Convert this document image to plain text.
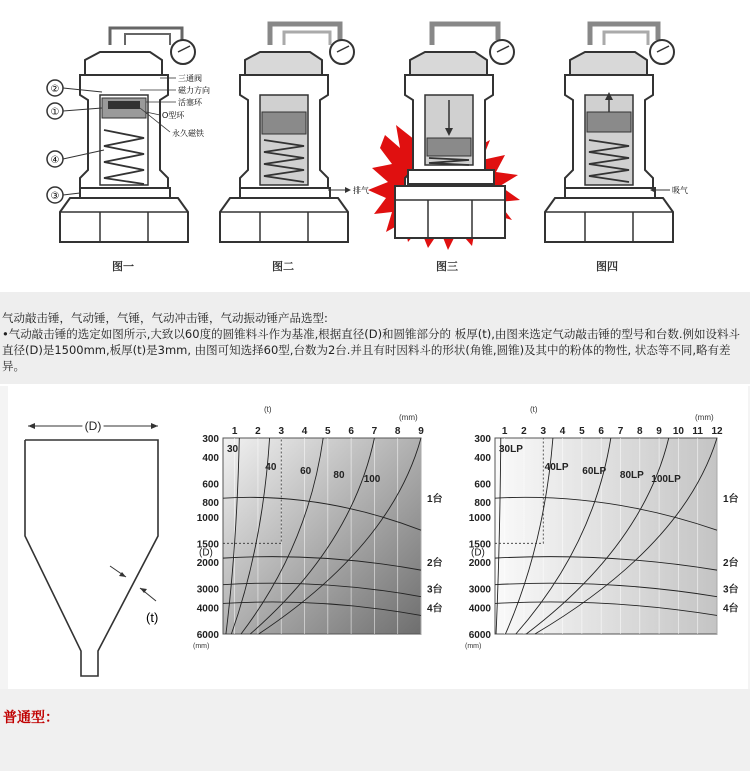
②
①
④
③
三通阀
磁力方向
活塞环
O型环
永久磁铁
排气	吸气
图一	图二	图三	图四

气动敲击锤，气动锤，气锤，气动冲击锤，气动振动锤产品选型:
•气动敲击锤的选定如图所示,大致以60度的圆锥料斗作为基准,根据直径(D)和圆锥部分的 板厚(t),由图来选定气动敲击锤的型号和台数.例如设料斗直径(D)是1500mm,板厚(t)是3mm, 由图可知选择60型,台数为2台.并且有时因料斗的形状(角锥,圆锥)及其中的粉体的物性, 状态等不同,略有差异。

(D)
(t)
1 2 3 4 5 6 7 8 9
300
400
600
800
1000
1500
2000
3000
4000
6000
(t)
(mm)
(D)
(mm)
30
40 60 80 100
1台
2台
3台
4台
1 2 3 4 5 6 7 8 9 10 11 12
300
400
600
800
1000
1500
2000
3000
4000
6000
(t)
(mm)
(D)
(mm)
30LP
40LP 60LP 80LP 100LP
1台
2台
3台
4台
普通型：
